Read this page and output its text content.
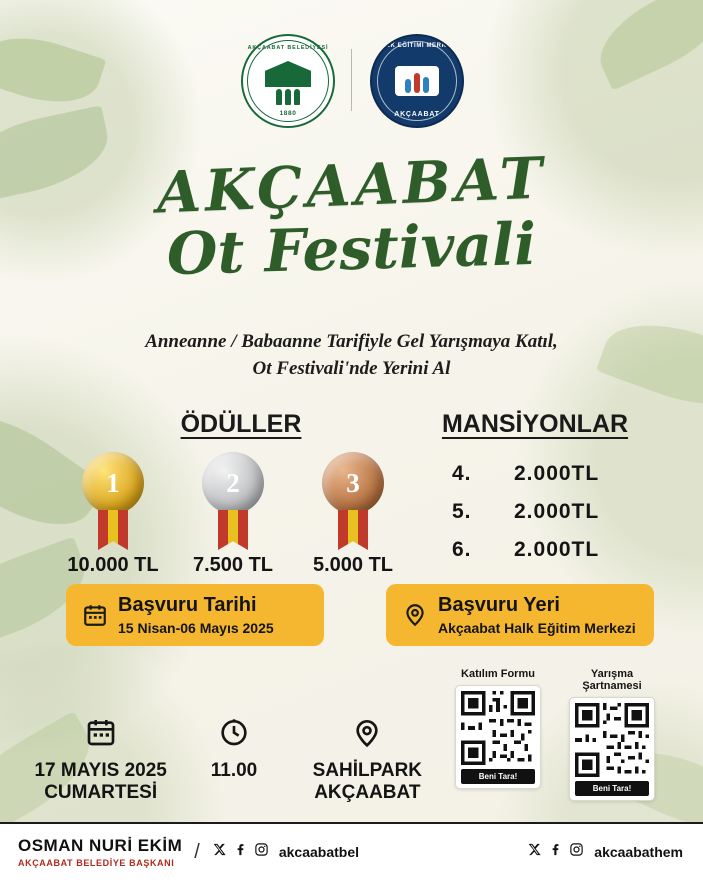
AKÇAABAT BELEDİYESİ
1880
HALK EĞİTİMİ MERKEZİ
AKÇAABAT
AKÇAABAT
Ot Festivali
Anneanne / Babaanne Tarifiyle Gel Yarışmaya Katıl,
Ot Festivali'nde Yerini Al
ÖDÜLLER	MANSİYONLAR
1
10.000 TL
2
7.500 TL
3
5.000 TL
4.	2.000TL
5.	2.000TL
6.	2.000TL
Başvuru Tarihi
15 Nisan-06 Mayıs 2025
Başvuru Yeri
Akçaabat Halk Eğitim Merkezi
Katılım Formu
Beni Tara!
Yarışma Şartnamesi
Beni Tara!
17 MAYIS 2025
CUMARTESİ
11.00	SAHİLPARK
AKÇAABAT
OSMAN NURİ EKİM
AKÇAABAT BELEDİYE BAŞKANI
/	akcaabatbel	akcaabathem
